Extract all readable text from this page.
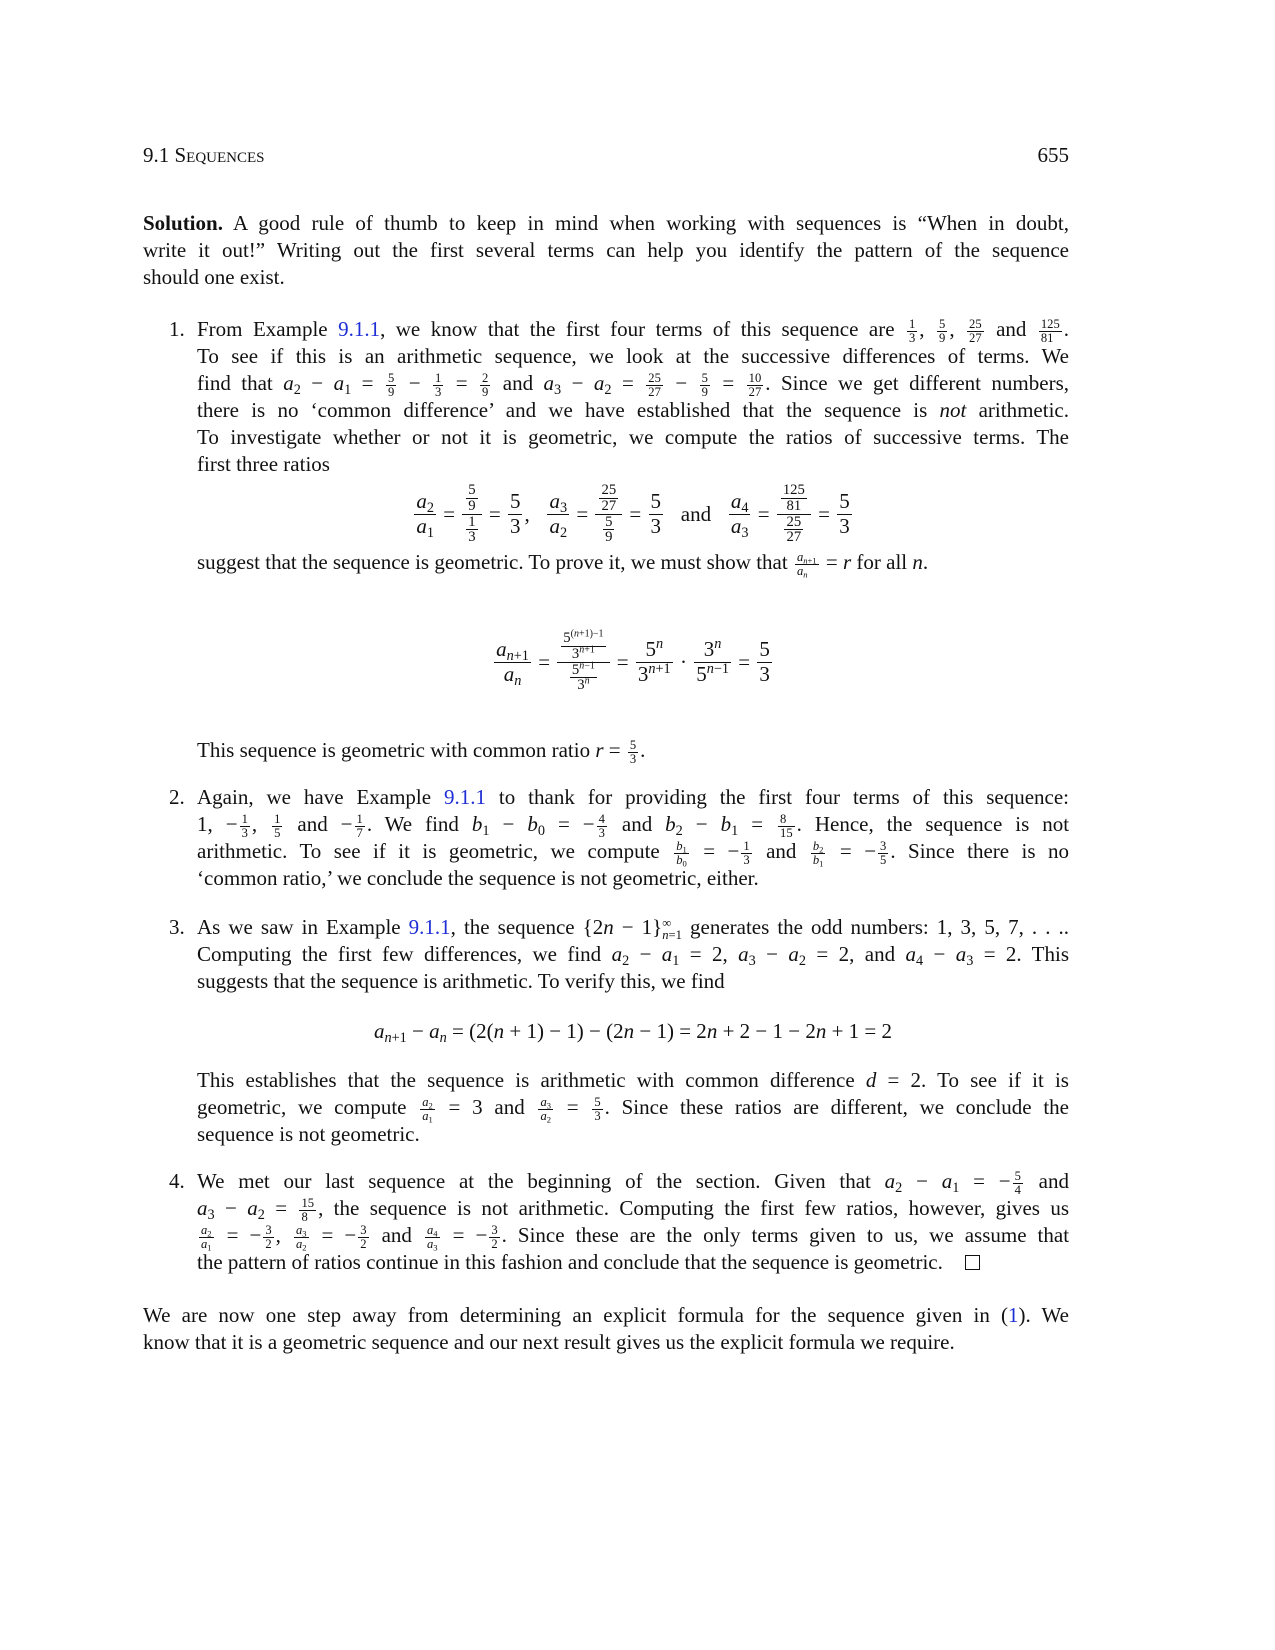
9.1 Sequences	655
Solution. A good rule of thumb to keep in mind when working with sequences is “When in doubt,
write it out!” Writing out the first several terms can help you identify the pattern of the sequence
should one exist.
1. From Example 9.1.1, we know that the first four terms of this sequence are $\frac{1}{3}$ , $\frac{5}{9}$ , $\frac{25}{27}$ and $\frac{125}{81}$ .
To see if this is an arithmetic sequence, we look at the successive differences of terms. We
find that $a_2 - a_1 = \frac{5}{9} - \frac{1}{3} = \frac{2}{9}$ and $a_3 - a_2 = \frac{25}{27} - \frac{5}{9} = \frac{10}{27}$ . Since we get different numbers,
there is no ‘common difference’ and we have established that the sequence is not arithmetic.
To investigate whether or not it is geometric, we compute the ratios of successive terms. The
first three ratios
$\frac{a_2}{a_1} = \frac{\frac{5}{9}}{\frac{1}{3}} = \frac{5}{3}$ , $\frac{a_3}{a_2} = \frac{\frac{25}{27}}{\frac{5}{9}} = \frac{5}{3}$ and $\frac{a_4}{a_3} = \frac{\frac{125}{81}}{\frac{25}{27}} = \frac{5}{3}$
suggest that the sequence is geometric. To prove it, we must show that $\frac{a_{n+1}}{a_n} = r$ for all n.
$\frac{a_{n+1}}{a_n} = \frac{\frac{5^{(n+1)-1}}{3^{n+1}}}{\frac{5^{n-1}}{3^n}} = \frac{5^n}{3^{n+1}} \cdot \frac{3^n}{5^{n-1}} = \frac{5}{3}$
This sequence is geometric with common ratio $r = \frac{5}{3}$ .
2. Again, we have Example 9.1.1 to thank for providing the first four terms of this sequence:
1, − $\frac{1}{3}$ , $\frac{1}{5}$ and − $\frac{1}{7}$ . We find $b_1 - b_0$ = − $\frac{4}{3}$ and $b_2 - b_1 = \frac{8}{15}$ . Hence, the sequence is not
arithmetic. To see if it is geometric, we compute $\frac{b_1}{b_0}$ = − $\frac{1}{3}$ and $\frac{b_2}{b_1}$ = − $\frac{3}{5}$ . Since there is no
‘common ratio,’ we conclude the sequence is not geometric, either.
3. As we saw in Example 9.1.1, the sequence {2n − 1} ∞
n=1 generates the odd numbers: 1, 3, 5, 7, . . ..
Computing the first few differences, we find $a_2 - a_1 = 2$, $a_3 - a_2 = 2$, and $a_4 - a_3 = 2$. This
suggests that the sequence is arithmetic. To verify this, we find
$a_{n+1} - a_n = (2$( n + 1) − 1) − (2 n − 1) = 2 n + 2 − 1 − 2 n + 1 = 2
This establishes that the sequence is arithmetic with common difference d = 2. To see if it is
geometric, we compute $\frac{a_2}{a_1} = 3$ and $\frac{a_3}{a_2} = \frac{5}{3}$ . Since these ratios are different, we conclude the
sequence is not geometric.
4. We met our last sequence at the beginning of the section. Given that $a_2 - a_1$ = − $\frac{5}{4}$ and
$a_3 - a_2 = \frac{15}{8}$ , the sequence is not arithmetic. Computing the first few ratios, however, gives us
$\frac{a_2}{a_1}$ = − $\frac{3}{2}$ , $\frac{a_3}{a_2}$ = − $\frac{3}{2}$ and $\frac{a_4}{a_3}$ = − $\frac{3}{2}$ . Since these are the only terms given to us, we assume that
the pattern of ratios continue in this fashion and conclude that the sequence is geometric.
We are now one step away from determining an explicit formula for the sequence given in (1). We
know that it is a geometric sequence and our next result gives us the explicit formula we require.
